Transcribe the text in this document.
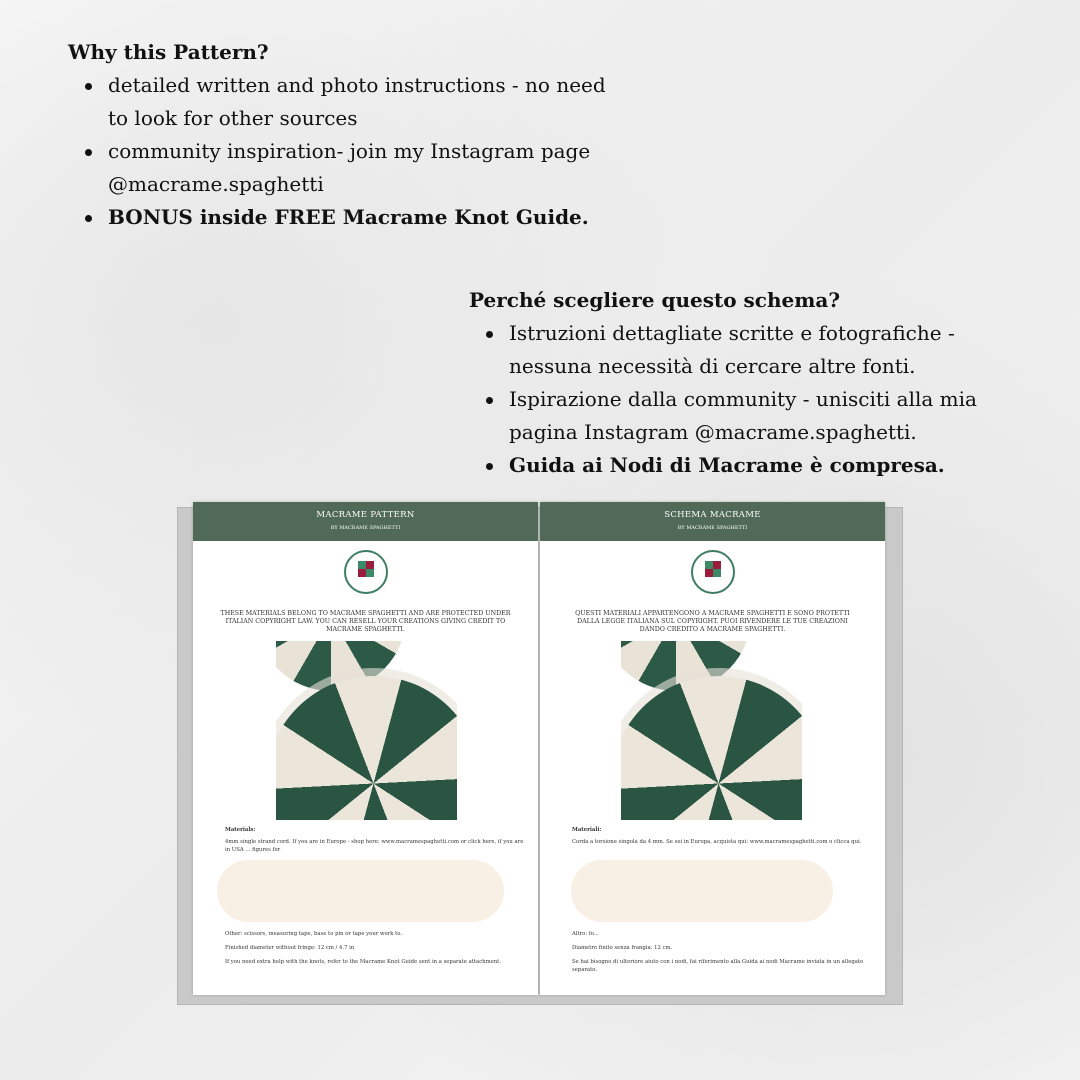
Why this Pattern?
detailed written and photo instructions - no need to look for other sources
community inspiration- join my Instagram page @macrame.spaghetti
BONUS inside FREE Macrame Knot Guide.
Perché scegliere questo schema?
Istruzioni dettagliate scritte e fotografiche - nessuna necessità di cercare altre fonti.
Ispirazione dalla community - unisciti alla mia pagina Instagram @macrame.spaghetti.
Guida ai Nodi di Macrame è compresa.
MACRAME PATTERN
BY MACRAME SPAGHETTI
THESE MATERIALS BELONG TO MACRAME SPAGHETTI AND ARE PROTECTED UNDER ITALIAN COPYRIGHT LAW. YOU CAN RESELL YOUR CREATIONS GIVING CREDIT TO MACRAME SPAGHETTI.

Materials:

4mm single strand cord. If you are in Europe - shop here: www.macramespaghetti.com or click here, if you are in USA ... figures for

Other: scissors, measuring tape, base to pin or tape your work to.

Finished diameter without fringe: 12 cm / 4.7 in

If you need extra help with the knots, refer to the Macrame Knot Guide sent in a separate attachment.

SCHEMA MACRAME
BY MACRAME SPAGHETTI
QUESTI MATERIALI APPARTENGONO A MACRAME SPAGHETTI E SONO PROTETTI DALLA LEGGE ITALIANA SUL COPYRIGHT. PUOI RIVENDERE LE TUE CREAZIONI DANDO CREDITO A MACRAME SPAGHETTI.

Materiali:

Corda a torsione singola da 4 mm. Se sei in Europa, acquista qui: www.macramespaghetti.com o clicca qui.

Altro: fo...

Diametro finito senza frangia: 12 cm.

Se hai bisogno di ulteriore aiuto con i nodi, fai riferimento alla Guida ai nodi Macrame inviata in un allegato separato.
